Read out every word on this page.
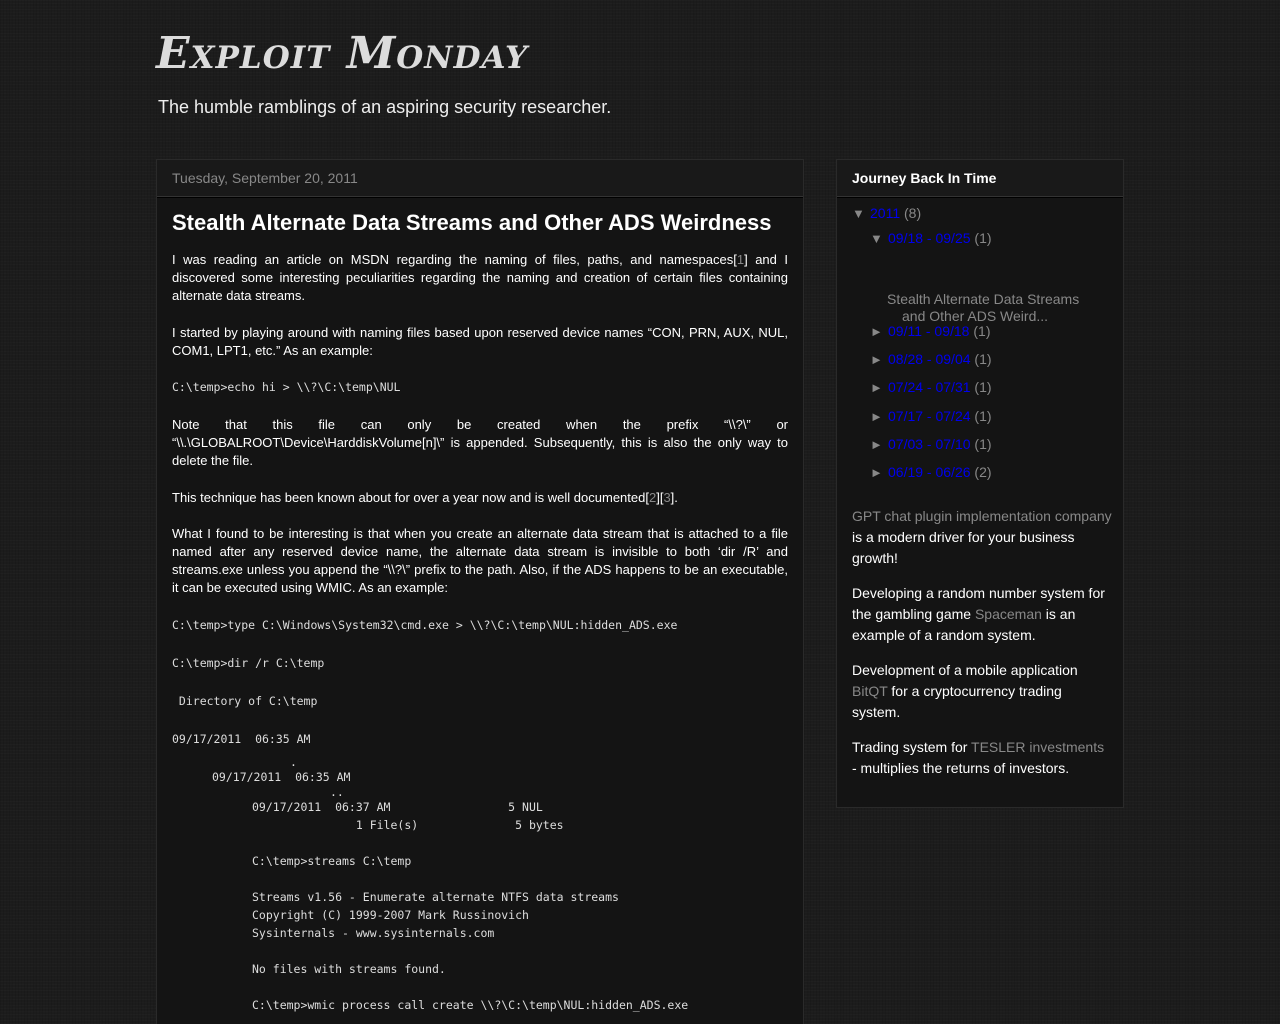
Exploit Monday
The humble ramblings of an aspiring security researcher.
Tuesday, September 20, 2011
Stealth Alternate Data Streams and Other ADS Weirdness

I was reading an article on MSDN regarding the naming of files, paths, and namespaces[1] and I discovered some interesting peculiarities regarding the naming and creation of certain files containing alternate data streams.

I started by playing around with naming files based upon reserved device names “CON, PRN, AUX, NUL, COM1, LPT1, etc.” As an example:

C:\temp>echo hi > \\?\C:\temp\NUL

Note that this file can only be created when the prefix “\\?\” or “\\.\GLOBALROOT\Device\HarddiskVolume[n]\” is appended. Subsequently, this is also the only way to delete the file.

This technique has been known about for over a year now and is well documented[2][3].

What I found to be interesting is that when you create an alternate data stream that is attached to a file named after any reserved device name, the alternate data stream is invisible to both ‘dir /R’ and streams.exe unless you append the “\\?\” prefix to the path. Also, if the ADS happens to be an executable, it can be executed using WMIC. As an example:

C:\temp>type C:\Windows\System32\cmd.exe > \\?\C:\temp\NUL:hidden_ADS.exe
C:\temp>dir /r C:\temp
Directory of C:\temp
09/17/2011  06:35 AM
.
09/17/2011  06:35 AM
..
09/17/2011  06:37 AM                 5 NUL
1 File(s)              5 bytes
C:\temp>streams C:\temp
Streams v1.56 - Enumerate alternate NTFS data streams
Copyright (C) 1999-2007 Mark Russinovich
Sysinternals - www.sysinternals.com
No files with streams found.
C:\temp>wmic process call create \\?\C:\temp\NUL:hidden_ADS.exe
Journey Back In Time
▼ 2011 (8)
▼ 09/18 - 09/25 (1)
Stealth Alternate Data Streams and Other ADS Weird...
► 09/11 - 09/18 (1)
► 08/28 - 09/04 (1)
► 07/24 - 07/31 (1)
► 07/17 - 07/24 (1)
► 07/03 - 07/10 (1)
► 06/19 - 06/26 (2)

GPT chat plugin implementation company is a modern driver for your business growth!

Developing a random number system for the gambling game Spaceman is an example of a random system.

Development of a mobile application BitQT for a cryptocurrency trading system.

Trading system for TESLER investments - multiplies the returns of investors.
